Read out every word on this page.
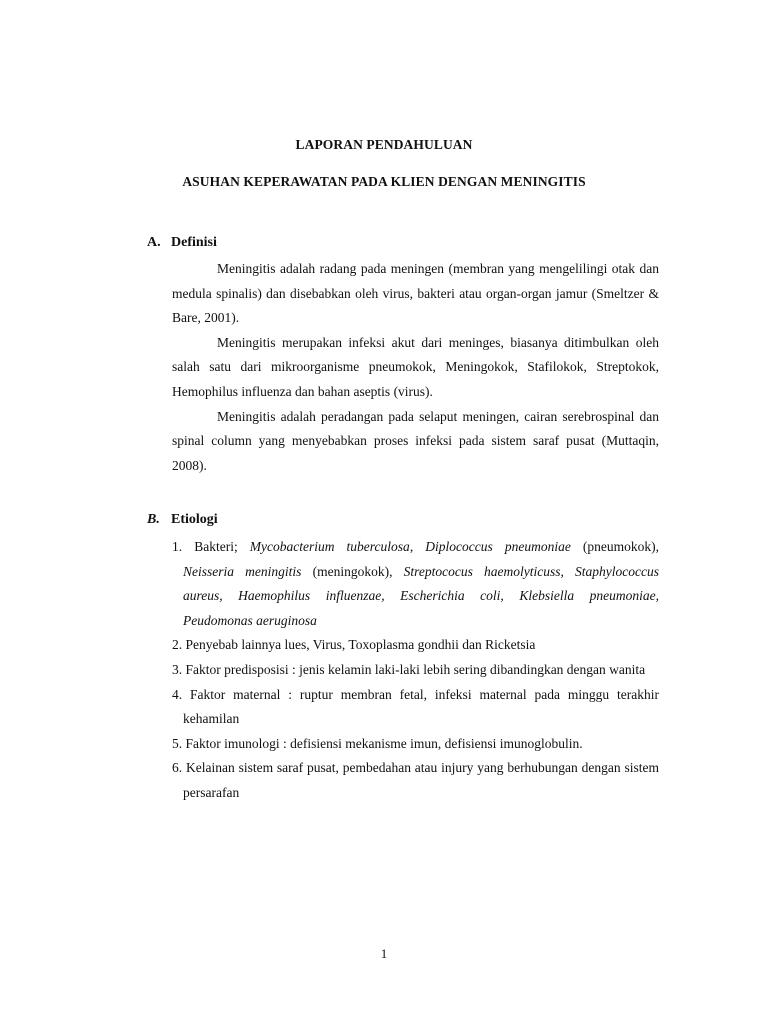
LAPORAN PENDAHULUAN
ASUHAN KEPERAWATAN PADA KLIEN DENGAN MENINGITIS
A. Definisi

Meningitis adalah radang pada meningen (membran yang mengelilingi otak dan medula spinalis) dan disebabkan oleh virus, bakteri atau organ-organ jamur (Smeltzer & Bare, 2001).

Meningitis merupakan infeksi akut dari meninges, biasanya ditimbulkan oleh salah satu dari mikroorganisme pneumokok, Meningokok, Stafilokok, Streptokok, Hemophilus influenza dan bahan aseptis (virus).

Meningitis adalah peradangan pada selaput meningen, cairan serebrospinal dan spinal column yang menyebabkan proses infeksi pada sistem saraf pusat (Muttaqin, 2008).

B. Etiologi
1. Bakteri; Mycobacterium tuberculosa, Diplococcus pneumoniae (pneumokok), Neisseria meningitis (meningokok), Streptococus haemolyticuss, Staphylococcus aureus, Haemophilus influenzae, Escherichia coli, Klebsiella pneumoniae, Peudomonas aeruginosa
2. Penyebab lainnya lues, Virus, Toxoplasma gondhii dan Ricketsia
3. Faktor predisposisi : jenis kelamin laki-laki lebih sering dibandingkan dengan wanita
4. Faktor maternal : ruptur membran fetal, infeksi maternal pada minggu terakhir kehamilan
5. Faktor imunologi : defisiensi mekanisme imun, defisiensi imunoglobulin.
6. Kelainan sistem saraf pusat, pembedahan atau injury yang berhubungan dengan sistem persarafan
1
